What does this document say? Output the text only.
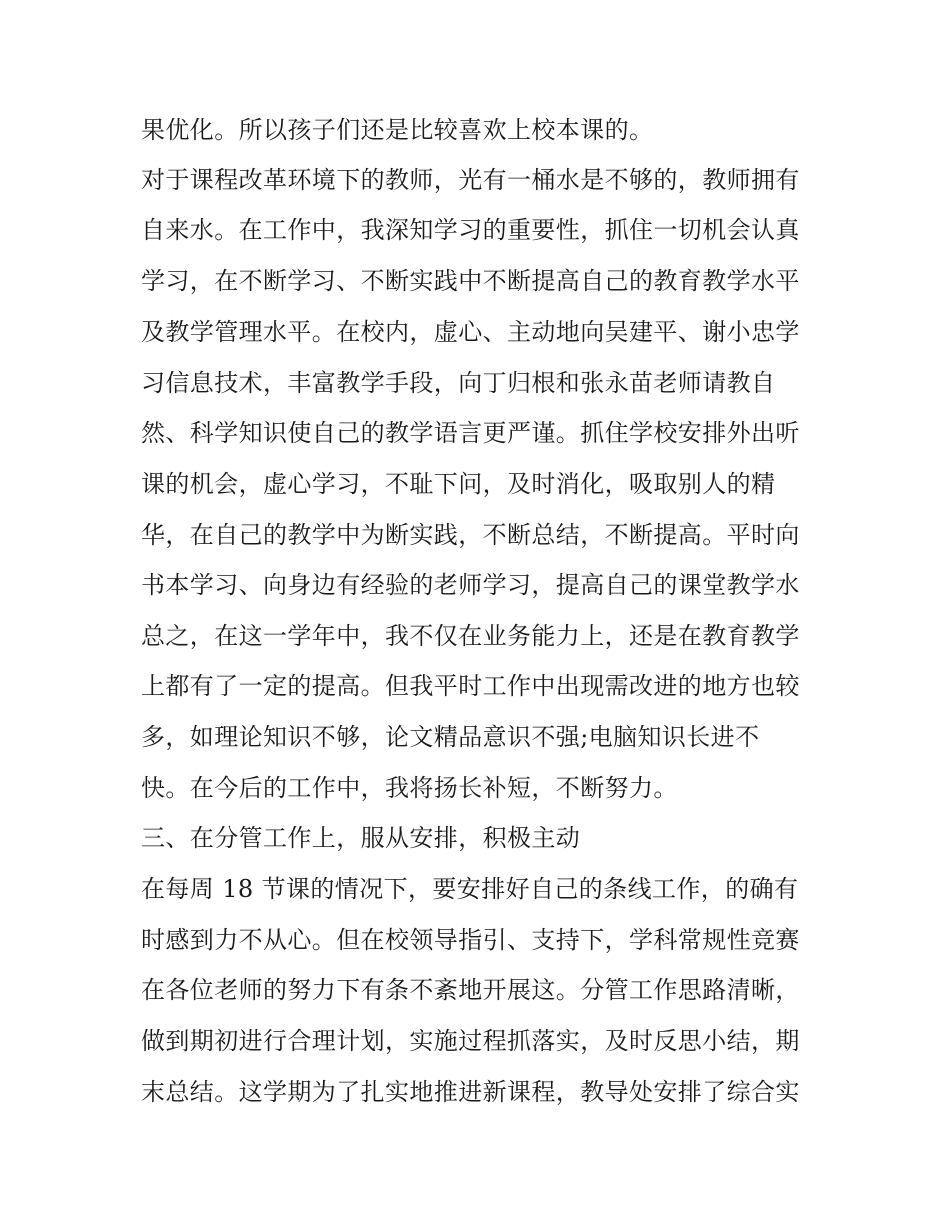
果优化。所以孩子们还是比较喜欢上校本课的。
对于课程改革环境下的教师，光有一桶水是不够的，教师拥有
自来水。在工作中，我深知学习的重要性，抓住一切机会认真
学习，在不断学习、不断实践中不断提高自己的教育教学水平
及教学管理水平。在校内，虚心、主动地向吴建平、谢小忠学
习信息技术，丰富教学手段，向丁归根和张永苗老师请教自
然、科学知识使自己的教学语言更严谨。抓住学校安排外出听
课的机会，虚心学习，不耻下问，及时消化，吸取别人的精
华，在自己的教学中为断实践，不断总结，不断提高。平时向
书本学习、向身边有经验的老师学习，提高自己的课堂教学水
总之，在这一学年中，我不仅在业务能力上，还是在教育教学
上都有了一定的提高。但我平时工作中出现需改进的地方也较
多，如理论知识不够，论文精品意识不强;电脑知识长进不
快。在今后的工作中，我将扬长补短，不断努力。
三、在分管工作上，服从安排，积极主动
在每周 18 节课的情况下，要安排好自己的条线工作，的确有
时感到力不从心。但在校领导指引、支持下，学科常规性竞赛
在各位老师的努力下有条不紊地开展这。分管工作思路清晰，
做到期初进行合理计划，实施过程抓落实，及时反思小结，期
末总结。这学期为了扎实地推进新课程，教导处安排了综合实
